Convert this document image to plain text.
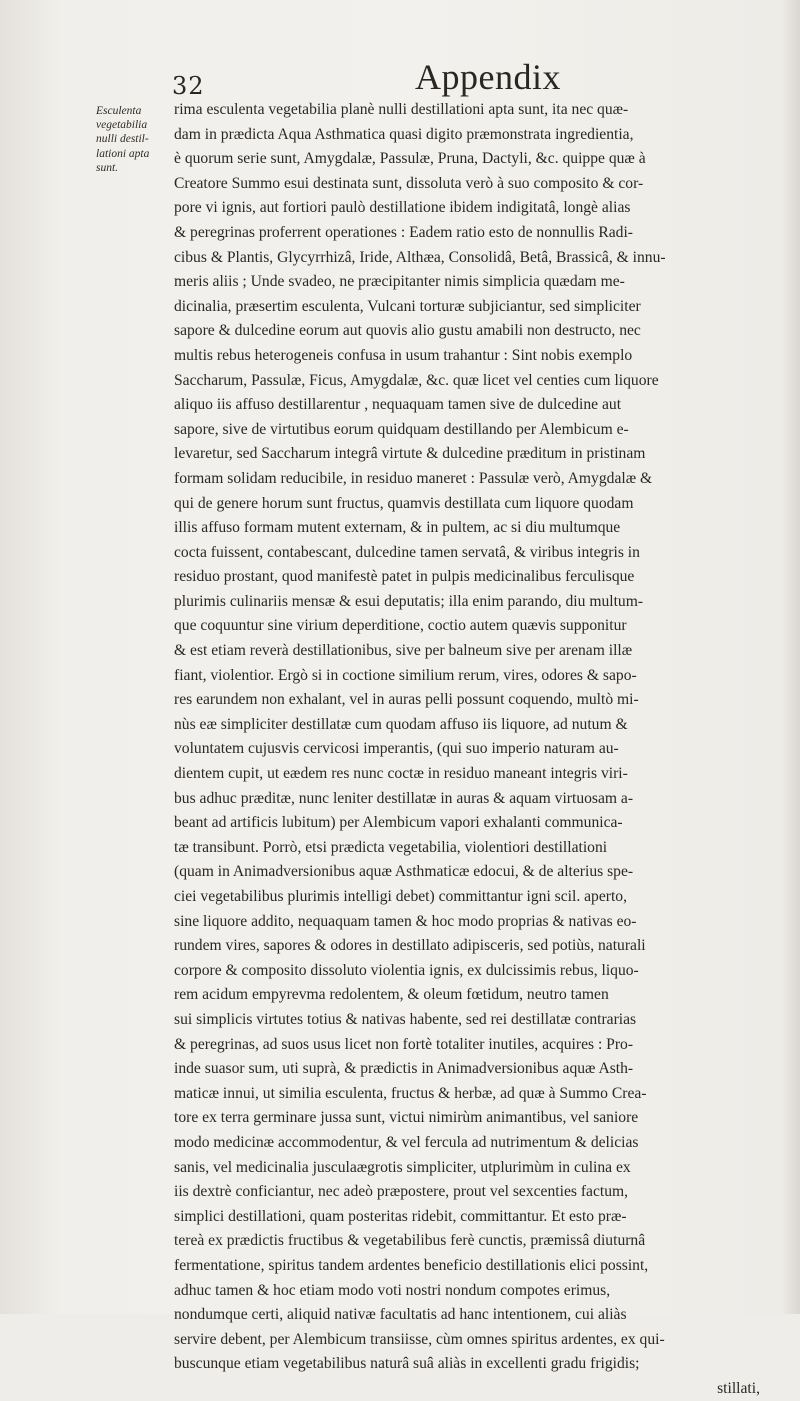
32	Appendix
Esculenta
vegetabilia
nulli destil-
lationi apta
sunt.
rima esculenta vegetabilia planè nulli destillationi apta sunt, ita nec quæ-
dam in prædicta Aqua Asthmatica quasi digito præmonstrata ingredientia,
è quorum serie sunt, Amygdalæ, Passulæ, Pruna, Dactyli, &c. quippe quæ à
Creatore Summo esui destinata sunt, dissoluta verò à suo composito & cor-
pore vi ignis, aut fortiori paulò destillatione ibidem indigitatâ, longè alias
& peregrinas proferrent operationes : Eadem ratio esto de nonnullis Radi-
cibus & Plantis, Glycyrrhizâ, Iride, Althæa, Consolidâ, Betâ, Brassicâ, & innu-
meris aliis ; Unde svadeo, ne præcipitanter nimis simplicia quædam me-
dicinalia, præsertim esculenta, Vulcani torturæ subjiciantur, sed simpliciter
sapore & dulcedine eorum aut quovis alio gustu amabili non destructo, nec
multis rebus heterogeneis confusa in usum trahantur : Sint nobis exemplo
Saccharum, Passulæ, Ficus, Amygdalæ, &c. quæ licet vel centies cum liquore
aliquo iis affuso destillarentur , nequaquam tamen sive de dulcedine aut
sapore, sive de virtutibus eorum quidquam destillando per Alembicum e-
levaretur, sed Saccharum integrâ virtute & dulcedine præditum in pristinam
formam solidam reducibile, in residuo maneret : Passulæ verò, Amygdalæ &
qui de genere horum sunt fructus, quamvis destillata cum liquore quodam
illis affuso formam mutent externam, & in pultem, ac si diu multumque
cocta fuissent, contabescant, dulcedine tamen servatâ, & viribus integris in
residuo prostant, quod manifestè patet in pulpis medicinalibus ferculisque
plurimis culinariis mensæ & esui deputatis; illa enim parando, diu multum-
que coquuntur sine virium deperditione, coctio autem quævis supponitur
& est etiam reverà destillationibus, sive per balneum sive per arenam illæ
fiant, violentior. Ergò si in coctione similium rerum, vires, odores & sapo-
res earundem non exhalant, vel in auras pelli possunt coquendo, multò mi-
nùs eæ simpliciter destillatæ cum quodam affuso iis liquore, ad nutum &
voluntatem cujusvis cervicosi imperantis, (qui suo imperio naturam au-
dientem cupit, ut eædem res nunc coctæ in residuo maneant integris viri-
bus adhuc præditæ, nunc leniter destillatæ in auras & aquam virtuosam a-
beant ad artificis lubitum) per Alembicum vapori exhalanti communica-
tæ transibunt. Porrò, etsi prædicta vegetabilia, violentiori destillationi
(quam in Animadversionibus aquæ Asthmaticæ edocui, & de alterius spe-
ciei vegetabilibus plurimis intelligi debet) committantur igni scil. aperto,
sine liquore addito, nequaquam tamen & hoc modo proprias & nativas eo-
rundem vires, sapores & odores in destillato adipisceris, sed potiùs, naturali
corpore & composito dissoluto violentia ignis, ex dulcissimis rebus, liquo-
rem acidum empyrevma redolentem, & oleum fœtidum, neutro tamen
sui simplicis virtutes totius & nativas habente, sed rei destillatæ contrarias
& peregrinas, ad suos usus licet non fortè totaliter inutiles, acquires : Pro-
inde suasor sum, uti suprà, & prædictis in Animadversionibus aquæ Asth-
maticæ innui, ut similia esculenta, fructus & herbæ, ad quæ à Summo Crea-
tore ex terra germinare jussa sunt, victui nimirùm animantibus, vel saniore
modo medicinæ accommodentur, & vel fercula ad nutrimentum & delicias
sanis, vel medicinalia jusculaægrotis simpliciter, utplurimùm in culina ex
iis dextrè conficiantur, nec adeò præpostere, prout vel sexcenties factum,
simplici destillationi, quam posteritas ridebit, committantur. Et esto præ-
tereà ex prædictis fructibus & vegetabilibus ferè cunctis, præmissâ diuturnâ
fermentatione, spiritus tandem ardentes beneficio destillationis elici possint,
adhuc tamen & hoc etiam modo voti nostri nondum compotes erimus,
nondumque certi, aliquid nativæ facultatis ad hanc intentionem, cui aliàs
servire debent, per Alembicum transiisse, cùm omnes spiritus ardentes, ex qui-
buscunque etiam vegetabilibus naturâ suâ aliàs in excellenti gradu frigidis;
stillati,
